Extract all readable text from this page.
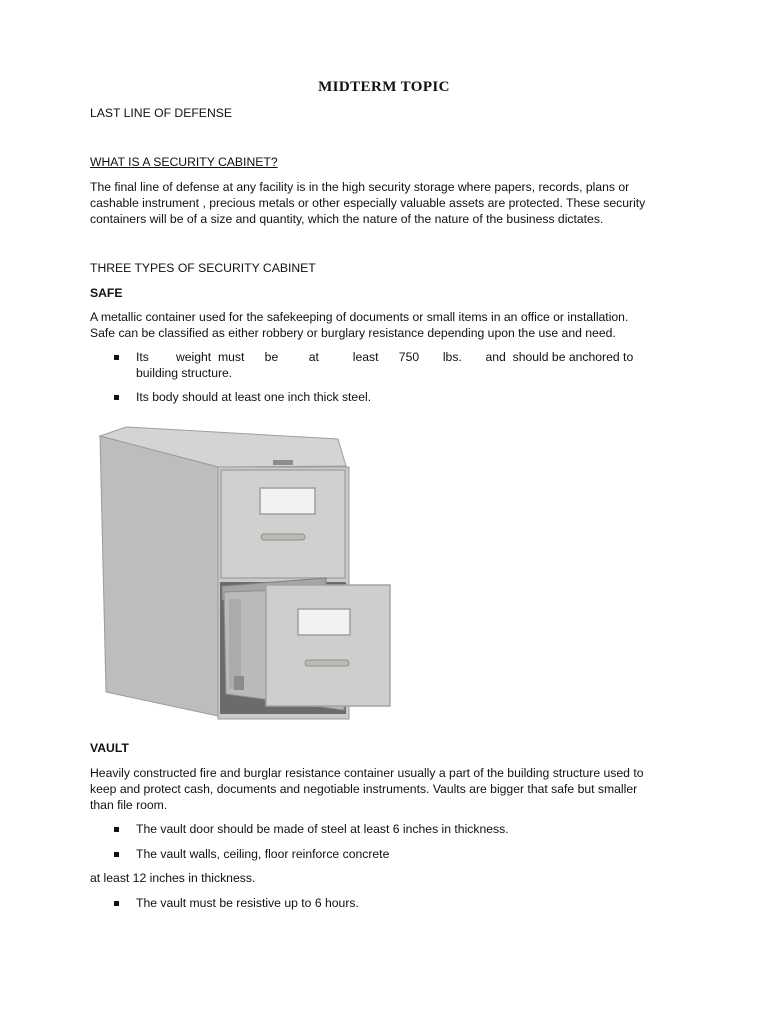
MIDTERM TOPIC
LAST LINE OF DEFENSE
WHAT IS A SECURITY CABINET?
The final line of defense at any facility is in the high security storage where papers, records, plans or
cashable instrument , precious metals or other especially valuable assets are protected. These security
containers will be of a size and quantity, which the nature of the nature of the business dictates.
THREE TYPES OF SECURITY CABINET
SAFE
A metallic container used for the safekeeping of documents or small items in an office or installation.
Safe can be classified as either robbery or burglary resistance depending upon the use and need.
Its        weight  must      be         at          least      750       lbs.       and  should be anchored to
building structure.
Its body should at least one inch thick steel.
VAULT
Heavily constructed fire and burglar resistance container usually a part of the building structure used to
keep and protect cash, documents and negotiable instruments. Vaults are bigger that safe but smaller
than file room.
The vault door should be made of steel at least 6 inches in thickness.
The vault walls, ceiling, floor reinforce concrete
at least 12 inches in thickness.
The vault must be resistive up to 6 hours.
